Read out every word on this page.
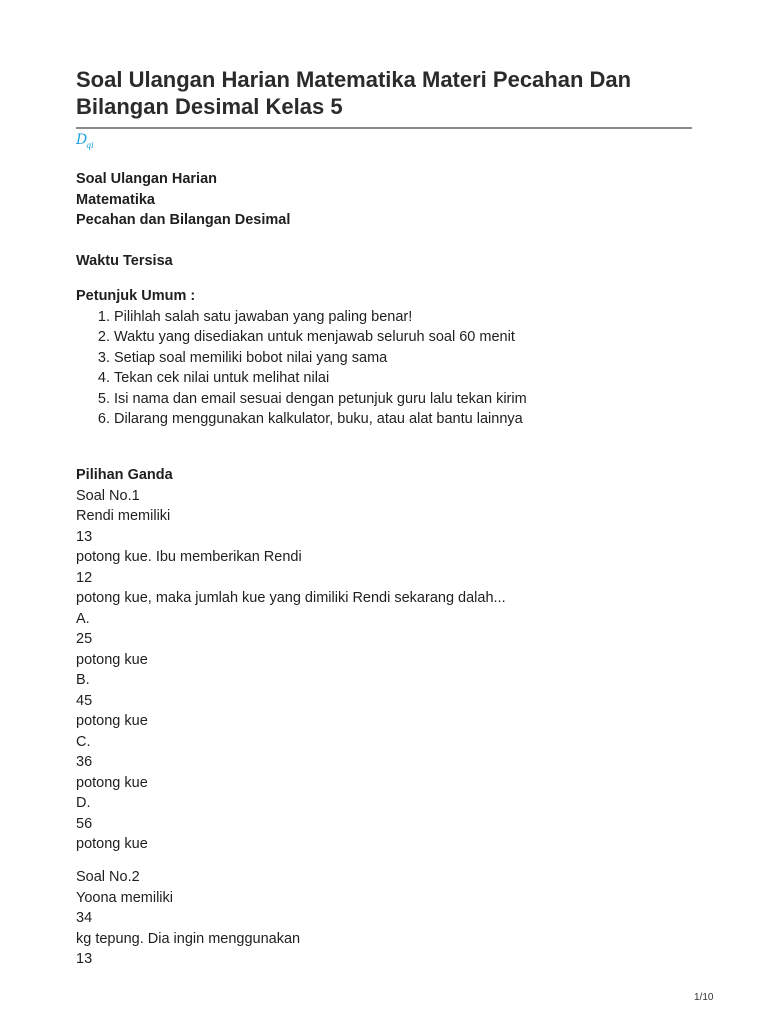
Soal Ulangan Harian Matematika Materi Pecahan Dan Bilangan Desimal Kelas 5
D
qi
Soal Ulangan Harian
Matematika
Pecahan dan Bilangan Desimal
Waktu Tersisa
Petunjuk Umum :
1. Pilihlah salah satu jawaban yang paling benar!
2. Waktu yang disediakan untuk menjawab seluruh soal 60 menit
3. Setiap soal memiliki bobot nilai yang sama
4. Tekan cek nilai untuk melihat nilai
5. Isi nama dan email sesuai dengan petunjuk guru lalu tekan kirim
6. Dilarang menggunakan kalkulator, buku, atau alat bantu lainnya
Pilihan Ganda
Soal No.1
Rendi memiliki
13
potong kue. Ibu memberikan Rendi
12
potong kue, maka jumlah kue yang dimiliki Rendi sekarang dalah...
A.
25
potong kue
B.
45
potong kue
C.
36
potong kue
D.
56
potong kue
Soal No.2
Yoona memiliki
34
kg tepung. Dia ingin menggunakan
13
1/10
